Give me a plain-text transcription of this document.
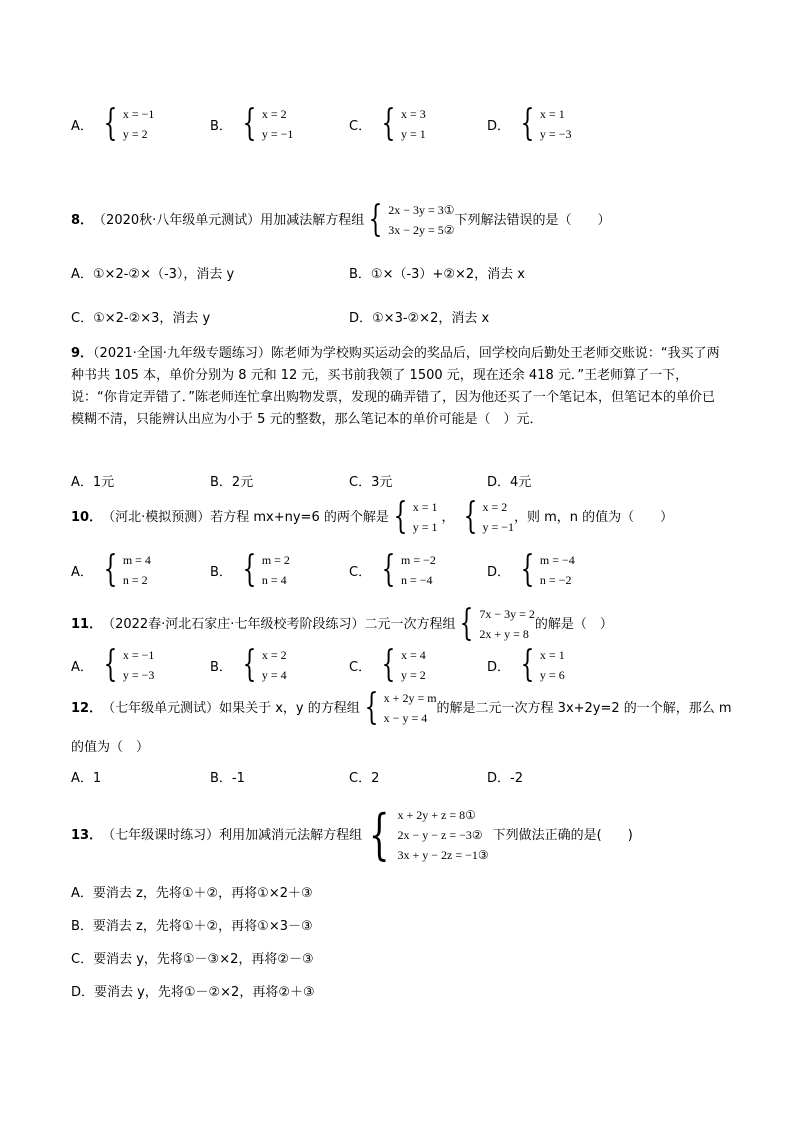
A． { x = −1
y = 2
B． { x = 2
y = −1
C． { x = 3
y = 1
D． { x = 1
y = −3
8． （2020秋·八年级单元测试） 用加减法解方程组 { 2x − 3y = 3①
3x − 2y = 5②
下列解法错误的是（　　）
A．①×2-②×（-3），消去 y	B．①×（-3）+②×2，消去 x
C．①×2-②×3，消去 y	D．①×3-②×2，消去 x
9．（2021·全国·九年级专题练习）陈老师为学校购买运动会的奖品后，回学校向后勤处王老师交账说：“我买了两种书共 105 本，单价分别为 8 元和 12 元，买书前我领了 1500 元，现在还余 418 元．”王老师算了一下，说：“你肯定弄错了．”陈老师连忙拿出购物发票，发现的确弄错了，因为他还买了一个笔记本，但笔记本的单价已模糊不清，只能辨认出应为小于 5 元的整数，那么笔记本的单价可能是（　）元．
A．1元	B．2元	C．3元	D．4元
10． （河北·模拟预测） 若方程 mx+ny=6 的两个解是 { x = 1
y = 1
， { x = 2
y = −1
，则 m，n 的值为（　　）
A． { m = 4
n = 2
B． { m = 2
n = 4
C． { m = −2
n = −4
D． { m = −4
n = −2
11． （2022春·河北石家庄·七年级校考阶段练习） 二元一次方程组 { 7x − 3y = 2
2x + y = 8
的解是（　）
A． { x = −1
y = −3
B． { x = 2
y = 4
C． { x = 4
y = 2
D． { x = 1
y = 6
12． （七年级单元测试） 如果关于 x，y 的方程组 { x + 2y = m
x − y = 4
的解是二元一次方程 3x+2y=2 的一个解，那么 m
的值为（　）
A．1	B．-1	C．2	D．-2
13． （七年级课时练习） 利用加减消元法解方程组 { x + 2y + z = 8①
2x − y − z = −3②
3x + y − 2z = −1③
下列做法正确的是(　　)
A．要消去 z，先将①＋②，再将①×2＋③
B．要消去 z，先将①＋②，再将①×3－③
C．要消去 y，先将①－③×2，再将②－③
D．要消去 y，先将①－②×2，再将②＋③
